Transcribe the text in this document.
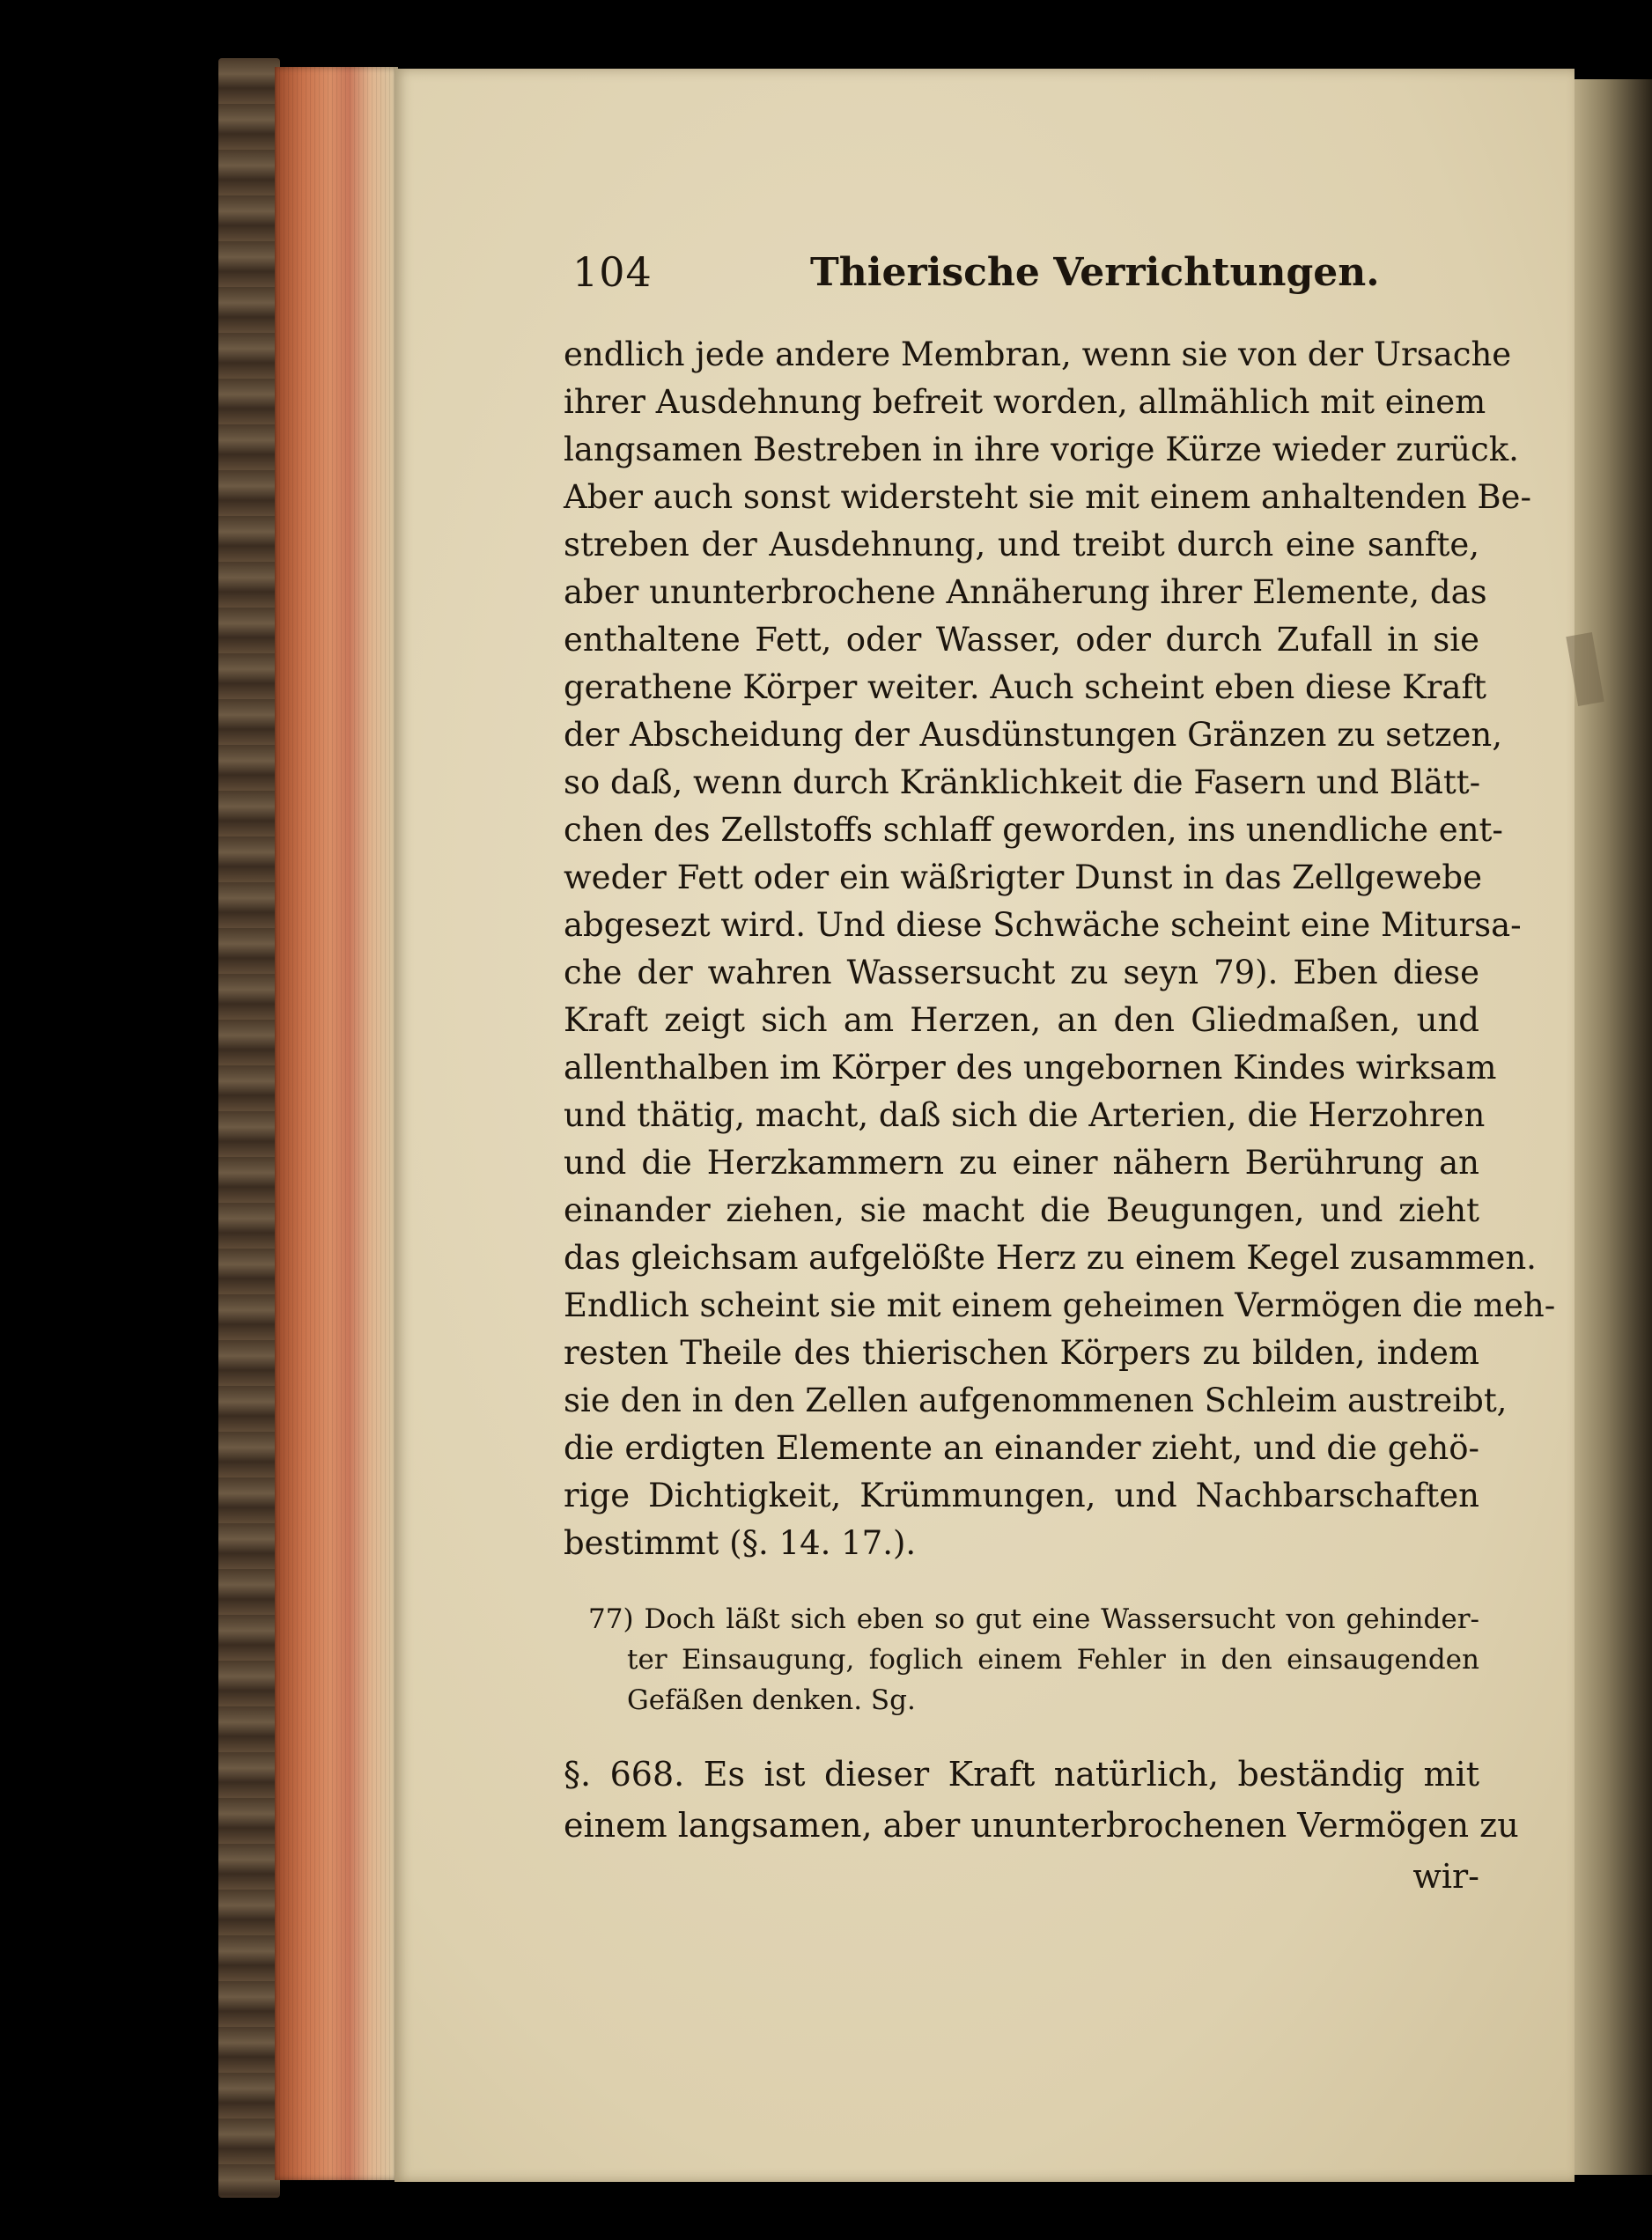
104	Thierische Verrichtungen.
endlich jede andere Membran, wenn sie von der Ursache
ihrer Ausdehnung befreit worden, allmählich mit einem
langsamen Bestreben in ihre vorige Kürze wieder zurück.
Aber auch sonst widersteht sie mit einem anhaltenden Be-
streben der Ausdehnung, und treibt durch eine sanfte,
aber ununterbrochene Annäherung ihrer Elemente, das
enthaltene Fett, oder Wasser, oder durch Zufall in sie
gerathene Körper weiter. Auch scheint eben diese Kraft
der Abscheidung der Ausdünstungen Gränzen zu setzen,
so daß, wenn durch Kränklichkeit die Fasern und Blätt-
chen des Zellstoffs schlaff geworden, ins unendliche ent-
weder Fett oder ein wäßrigter Dunst in das Zellgewebe
abgesezt wird. Und diese Schwäche scheint eine Mitursa-
che der wahren Wassersucht zu seyn 79). Eben diese
Kraft zeigt sich am Herzen, an den Gliedmaßen, und
allenthalben im Körper des ungebornen Kindes wirksam
und thätig, macht, daß sich die Arterien, die Herzohren
und die Herzkammern zu einer nähern Berührung an
einander ziehen, sie macht die Beugungen, und zieht
das gleichsam aufgelößte Herz zu einem Kegel zusammen.
Endlich scheint sie mit einem geheimen Vermögen die meh-
resten Theile des thierischen Körpers zu bilden, indem
sie den in den Zellen aufgenommenen Schleim austreibt,
die erdigten Elemente an einander zieht, und die gehö-
rige Dichtigkeit, Krümmungen, und Nachbarschaften
bestimmt (§. 14. 17.).
77) Doch läßt sich eben so gut eine Wassersucht von gehinder-
ter Einsaugung, foglich einem Fehler in den einsaugenden
Gefäßen denken. Sg.
§. 668. Es ist dieser Kraft natürlich, beständig mit
einem langsamen, aber ununterbrochenen Vermögen zu
wir-
